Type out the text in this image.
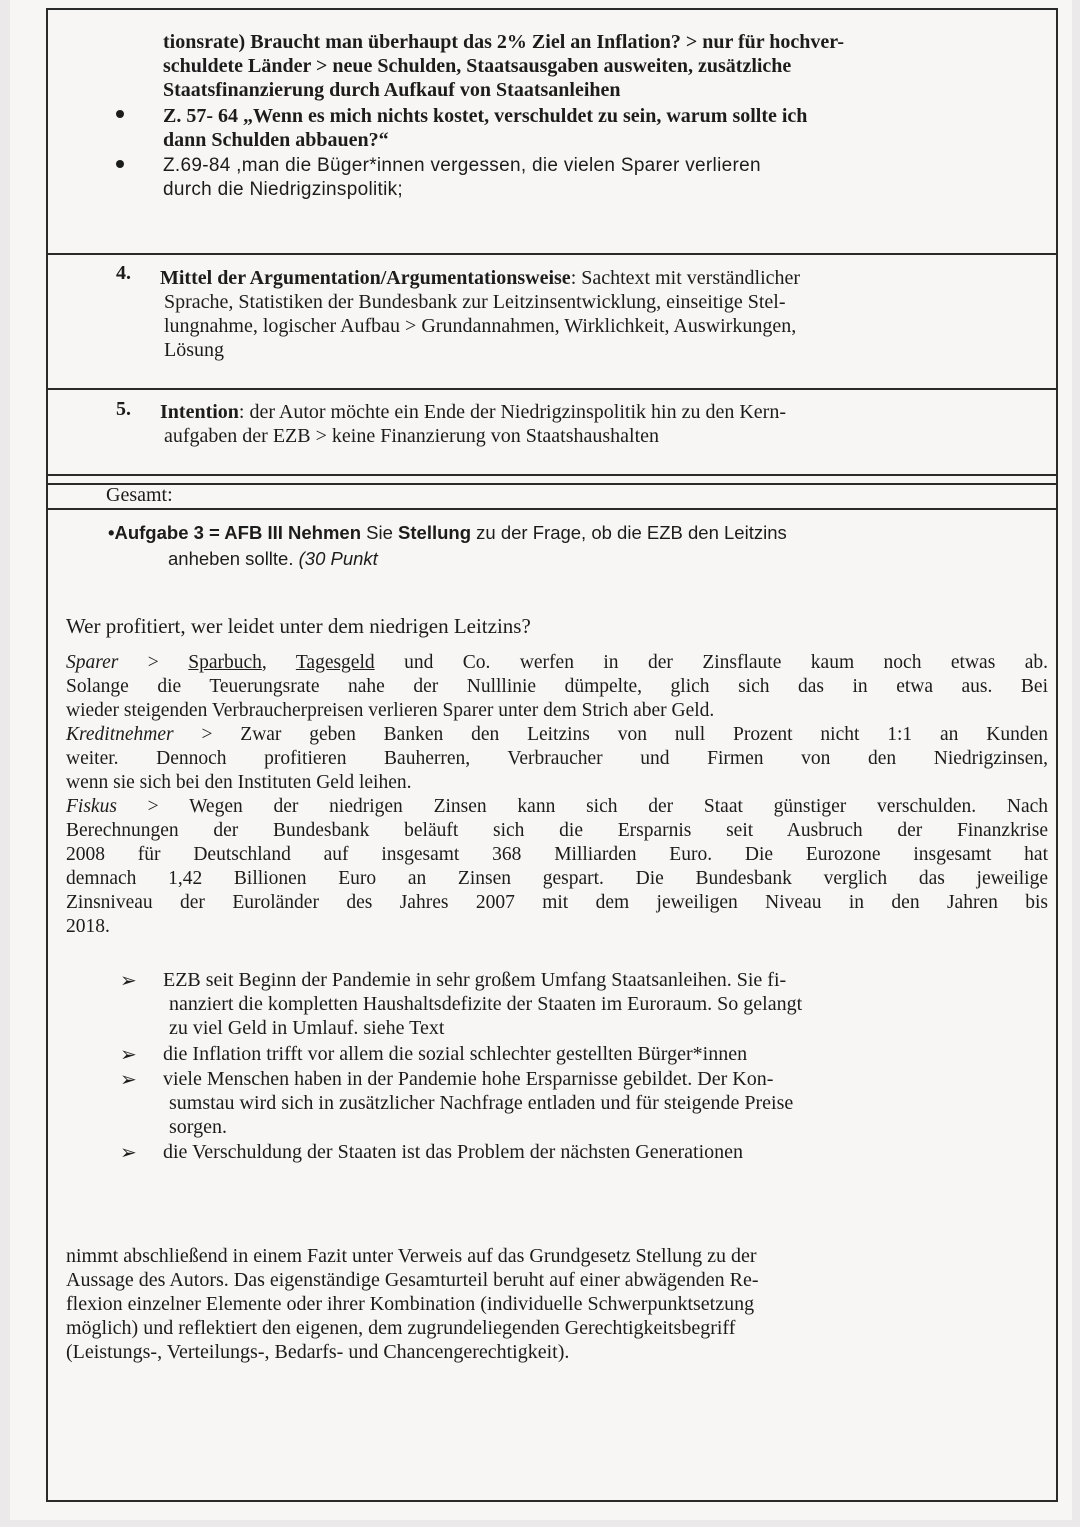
tionsrate) Braucht man überhaupt das 2% Ziel an Inflation? > nur für hochver-

schuldete Länder > neue Schulden, Staatsausgaben ausweiten, zusätzliche

Staatsfinanzierung durch Aufkauf von Staatsanleihen

Z. 57- 64 „Wenn es mich nichts kostet, verschuldet zu sein, warum sollte ich

dann Schulden abbauen?“

Z.69-84 ,man die Büger*innen vergessen, die vielen Sparer verlieren

durch die Niedrigzinspolitik;

4. Mittel der Argumentation/Argumentationsweise: Sachtext mit verständlicher

Sprache, Statistiken der Bundesbank zur Leitzinsentwicklung, einseitige Stel-

lungnahme, logischer Aufbau > Grundannahmen, Wirklichkeit, Auswirkungen,

Lösung

5. Intention: der Autor möchte ein Ende der Niedrigzinspolitik hin zu den Kern-

aufgaben der EZB > keine Finanzierung von Staatshaushalten

Gesamt:

•Aufgabe 3 = AFB III Nehmen Sie Stellung zu der Frage, ob die EZB den Leitzins

anheben sollte. (30 Punkt

Wer profitiert, wer leidet unter dem niedrigen Leitzins?

Sparer > Sparbuch, Tagesgeld und Co. werfen in der Zinsflaute kaum noch etwas ab.

Solange die Teuerungsrate nahe der Nulllinie dümpelte, glich sich das in etwa aus. Bei

wieder steigenden Verbraucherpreisen verlieren Sparer unter dem Strich aber Geld.

Kreditnehmer > Zwar geben Banken den Leitzins von null Prozent nicht 1:1 an Kunden

weiter. Dennoch profitieren Bauherren, Verbraucher und Firmen von den Niedrigzinsen,

wenn sie sich bei den Instituten Geld leihen.

Fiskus > Wegen der niedrigen Zinsen kann sich der Staat günstiger verschulden. Nach

Berechnungen der Bundesbank beläuft sich die Ersparnis seit Ausbruch der Finanzkrise

2008 für Deutschland auf insgesamt 368 Milliarden Euro. Die Eurozone insgesamt hat

demnach 1,42 Billionen Euro an Zinsen gespart. Die Bundesbank verglich das jeweilige

Zinsniveau der Euroländer des Jahres 2007 mit dem jeweiligen Niveau in den Jahren bis

2018.

➢ EZB seit Beginn der Pandemie in sehr großem Umfang Staatsanleihen. Sie fi-

nanziert die kompletten Haushaltsdefizite der Staaten im Euroraum. So gelangt

zu viel Geld in Umlauf. siehe Text

➢ die Inflation trifft vor allem die sozial schlechter gestellten Bürger*innen

➢ viele Menschen haben in der Pandemie hohe Ersparnisse gebildet. Der Kon-

sumstau wird sich in zusätzlicher Nachfrage entladen und für steigende Preise

sorgen.

➢ die Verschuldung der Staaten ist das Problem der nächsten Generationen

nimmt abschließend in einem Fazit unter Verweis auf das Grundgesetz Stellung zu der

Aussage des Autors. Das eigenständige Gesamturteil beruht auf einer abwägenden Re-

flexion einzelner Elemente oder ihrer Kombination (individuelle Schwerpunktsetzung

möglich) und reflektiert den eigenen, dem zugrundeliegenden Gerechtigkeitsbegriff

(Leistungs-, Verteilungs-, Bedarfs- und Chancengerechtigkeit).
